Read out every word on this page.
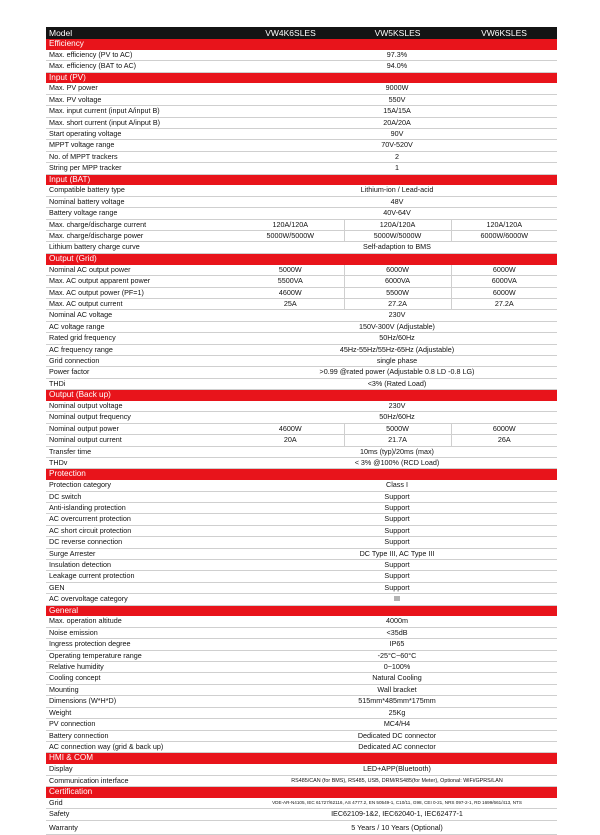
Model	VW4K6SLES	VW5KSLES	VW6KSLES
Efficiency			
Max. efficiency (PV to AC)	97.3%		
Max. efficiency (BAT to AC)	94.0%		
Input (PV)			
Max. PV power	9000W		
Max. PV voltage	550V		
Max. input current (input A/input B)	15A/15A		
Max. short current (input A/input B)	20A/20A		
Start operating voltage	90V		
MPPT voltage range	70V-520V		
No. of MPPT trackers	2		
String per MPP tracker	1		
Input (BAT)			
Compatible battery type	Lithium-ion / Lead-acid		
Nominal battery voltage	48V		
Battery voltage range	40V-64V		
Max. charge/discharge current	120A/120A	120A/120A	120A/120A
Max. charge/discharge power	5000W/5000W	5000W/5000W	6000W/6000W
Lithium battery charge curve	Self-adaption to BMS		
Output (Grid)			
Nominal AC output power	5000W	6000W	6000W
Max. AC output apparent power	5500VA	6000VA	6000VA
Max. AC output power (PF=1)	4600W	5500W	6000W
Max. AC output current	25A	27.2A	27.2A
Nominal AC voltage	230V		
AC voltage range	150V-300V (Adjustable)		
Rated grid frequency	50Hz/60Hz		
AC frequency range	45Hz-55Hz/55Hz-65Hz (Adjustable)		
Grid connection	single phase		
Power factor	>0.99 @rated power (Adjustable 0.8 LD -0.8 LG)		
THDi	<3% (Rated Load)		
Output (Back up)			
Nominal output voltage	230V		
Nominal output frequency	50Hz/60Hz		
Nominal output power	4600W	5000W	6000W
Nominal output current	20A	21.7A	26A
Transfer time	10ms (typ)/20ms (max)		
THDv	< 3% @100% (RCD Load)		
Protection			
Protection category	Class I		
DC switch	Support		
Anti-islanding protection	Support		
AC overcurrent protection	Support		
AC short circuit protection	Support		
DC reverse connection	Support		
Surge Arrester	DC Type III, AC Type III		
Insulation detection	Support		
Leakage current protection	Support		
GEN	Support		
AC overvoltage category	III		
General			
Max. operation altitude	4000m		
Noise emission	<35dB		
Ingress protection degree	IP65		
Operating temperature range	-25°C~60°C		
Relative humidity	0~100%		
Cooling concept	Natural Cooling		
Mounting	Wall bracket		
Dimensions (W*H*D)	515mm*485mm*175mm		
Weight	25Kg		
PV connection	MC4/H4		
Battery connection	Dedicated DC connector		
AC connection way (grid & back up)	Dedicated AC connector		
HMI & COM			
Display	LED+APP(Bluetooth)		
Communication interface	RS485/CAN (for BMS), RS485, USB, DRM/RS485(for Meter), Optional: WiFi/GPRS/LAN		
Certification			
Grid	VDE-AR-N4105, IEC 61727/62116, AS 4777.2, EN 50549-1, C10/11, G98, CEI 0-21, NRS 097-2-1, RD 1699/661/413, NTS		
Safety	IEC62109-1&2, IEC62040-1, IEC62477-1		
Warranty	5 Years / 10 Years (Optional)		
